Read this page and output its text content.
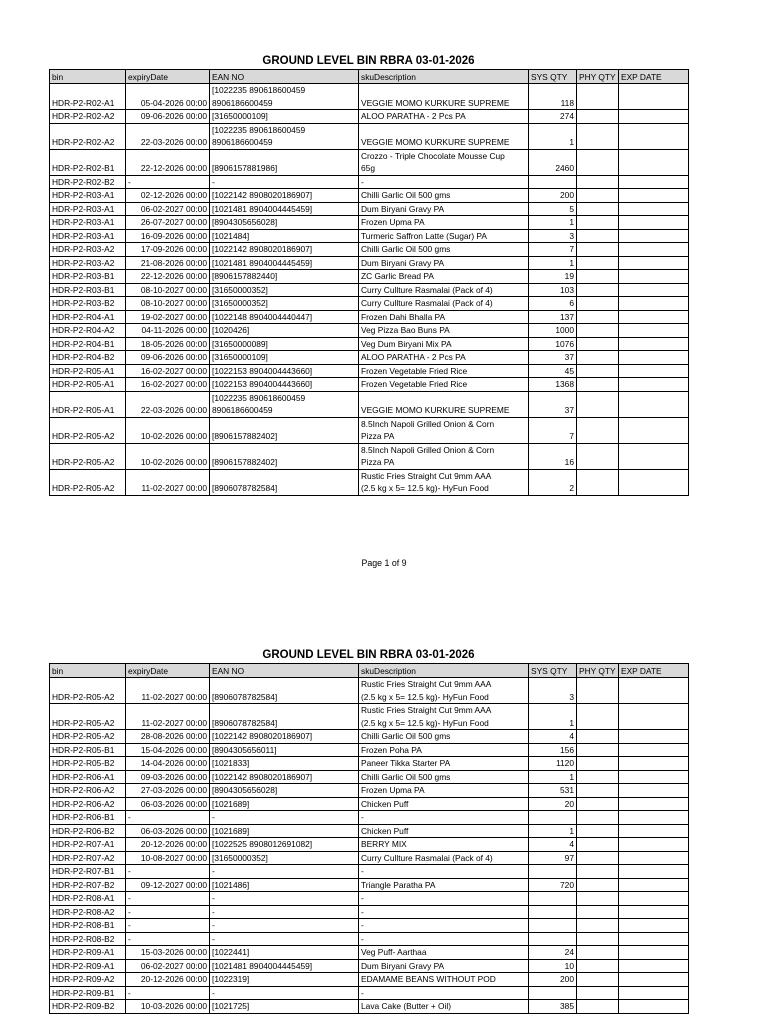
GROUND LEVEL BIN RBRA 03-01-2026
bin	expiryDate	EAN NO	skuDescription	SYS QTY	PHY QTY	EXP DATE
HDR-P2-R02-A1	05-04-2026 00:00	[1022235 890618600459
8906186600459	VEGGIE MOMO KURKURE SUPREME	118		
HDR-P2-R02-A2	09-06-2026 00:00	[31650000109]	ALOO PARATHA - 2 Pcs PA	274		
HDR-P2-R02-A2	22-03-2026 00:00	[1022235 890618600459
8906186600459	VEGGIE MOMO KURKURE SUPREME	1		
HDR-P2-R02-B1	22-12-2026 00:00	[8906157881986]	Crozzo - Triple Chocolate Mousse Cup
65g	2460		
HDR-P2-R02-B2	-	-	-			
HDR-P2-R03-A1	02-12-2026 00:00	[1022142 8908020186907]	Chilli Garlic Oil 500 gms	200		
HDR-P2-R03-A1	06-02-2027 00:00	[1021481 8904004445459]	Dum Biryani Gravy PA	5		
HDR-P2-R03-A1	26-07-2027 00:00	[8904305656028]	Frozen Upma PA	1		
HDR-P2-R03-A1	16-09-2026 00:00	[1021484]	Turmeric Saffron Latte (Sugar) PA	3		
HDR-P2-R03-A2	17-09-2026 00:00	[1022142 8908020186907]	Chilli Garlic Oil 500 gms	7		
HDR-P2-R03-A2	21-08-2026 00:00	[1021481 8904004445459]	Dum Biryani Gravy PA	1		
HDR-P2-R03-B1	22-12-2026 00:00	[8906157882440]	ZC Garlic Bread PA	19		
HDR-P2-R03-B1	08-10-2027 00:00	[31650000352]	Curry Cullture Rasmalai (Pack of 4)	103		
HDR-P2-R03-B2	08-10-2027 00:00	[31650000352]	Curry Cullture Rasmalai (Pack of 4)	6		
HDR-P2-R04-A1	19-02-2027 00:00	[1022148 8904004440447]	Frozen Dahi Bhalla PA	137		
HDR-P2-R04-A2	04-11-2026 00:00	[1020426]	Veg Pizza Bao Buns PA	1000		
HDR-P2-R04-B1	18-05-2026 00:00	[31650000089]	Veg Dum Biryani Mix PA	1076		
HDR-P2-R04-B2	09-06-2026 00:00	[31650000109]	ALOO PARATHA - 2 Pcs PA	37		
HDR-P2-R05-A1	16-02-2027 00:00	[1022153 8904004443660]	Frozen Vegetable Fried Rice	45		
HDR-P2-R05-A1	16-02-2027 00:00	[1022153 8904004443660]	Frozen Vegetable Fried Rice	1368		
HDR-P2-R05-A1	22-03-2026 00:00	[1022235 890618600459
8906186600459	VEGGIE MOMO KURKURE SUPREME	37		
HDR-P2-R05-A2	10-02-2026 00:00	[8906157882402]	8.5Inch Napoli Grilled Onion & Corn
Pizza PA	7		
HDR-P2-R05-A2	10-02-2026 00:00	[8906157882402]	8.5Inch Napoli Grilled Onion & Corn
Pizza PA	16		
HDR-P2-R05-A2	11-02-2027 00:00	[8906078782584]	Rustic Fries Straight Cut 9mm AAA
(2.5 kg x 5= 12.5 kg)- HyFun Food	2		
Page 1 of 9
GROUND LEVEL BIN RBRA 03-01-2026
bin	expiryDate	EAN NO	skuDescription	SYS QTY	PHY QTY	EXP DATE
HDR-P2-R05-A2	11-02-2027 00:00	[8906078782584]	Rustic Fries Straight Cut 9mm AAA
(2.5 kg x 5= 12.5 kg)- HyFun Food	3		
HDR-P2-R05-A2	11-02-2027 00:00	[8906078782584]	Rustic Fries Straight Cut 9mm AAA
(2.5 kg x 5= 12.5 kg)- HyFun Food	1		
HDR-P2-R05-A2	28-08-2026 00:00	[1022142 8908020186907]	Chilli Garlic Oil 500 gms	4		
HDR-P2-R05-B1	15-04-2026 00:00	[8904305656011]	Frozen Poha PA	156		
HDR-P2-R05-B2	14-04-2026 00:00	[1021833]	Paneer Tikka Starter PA	1120		
HDR-P2-R06-A1	09-03-2026 00:00	[1022142 8908020186907]	Chilli Garlic Oil 500 gms	1		
HDR-P2-R06-A2	27-03-2026 00:00	[8904305656028]	Frozen Upma PA	531		
HDR-P2-R06-A2	06-03-2026 00:00	[1021689]	Chicken Puff	20		
HDR-P2-R06-B1	-	-	-			
HDR-P2-R06-B2	06-03-2026 00:00	[1021689]	Chicken Puff	1		
HDR-P2-R07-A1	20-12-2026 00:00	[1022525 8908012691082]	BERRY MIX	4		
HDR-P2-R07-A2	10-08-2027 00:00	[31650000352]	Curry Cullture Rasmalai (Pack of 4)	97		
HDR-P2-R07-B1	-	-	-			
HDR-P2-R07-B2	09-12-2027 00:00	[1021486]	Triangle Paratha PA	720		
HDR-P2-R08-A1	-	-	-			
HDR-P2-R08-A2	-	-	-			
HDR-P2-R08-B1	-	-	-			
HDR-P2-R08-B2	-	-	-			
HDR-P2-R09-A1	15-03-2026 00:00	[1022441]	Veg Puff- Aarthaa	24		
HDR-P2-R09-A1	06-02-2027 00:00	[1021481 8904004445459]	Dum Biryani Gravy PA	10		
HDR-P2-R09-A2	20-12-2026 00:00	[1022319]	EDAMAME BEANS WITHOUT POD	200		
HDR-P2-R09-B1	-	-	-			
HDR-P2-R09-B2	10-03-2026 00:00	[1021725]	Lava Cake (Butter + Oil)	385		
